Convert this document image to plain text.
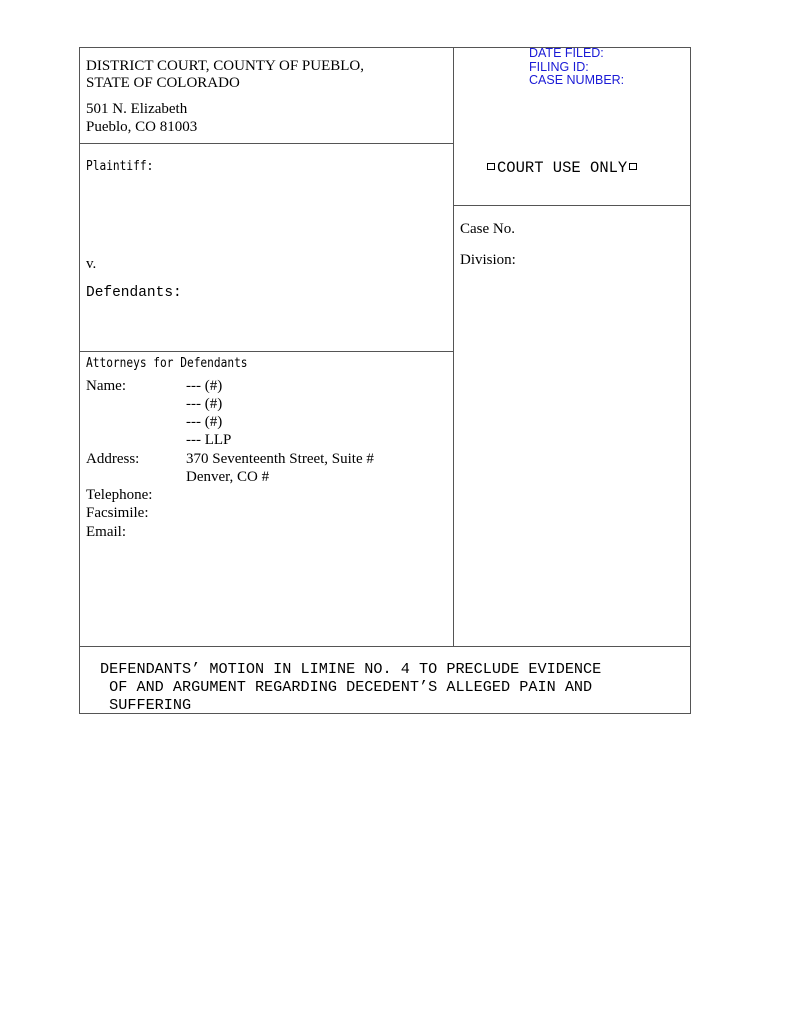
DISTRICT COURT, COUNTY OF PUEBLO,
STATE OF COLORADO
501 N. Elizabeth
Pueblo, CO 81003
DATE FILED:
FILING ID:
CASE NUMBER:
COURT USE ONLY
Plaintiff:
v.
Defendants:
Case No.
Division:
Attorneys for Defendants
Name:	--- (#)
--- (#)
--- (#)
--- LLP
Address:	370 Seventeenth Street, Suite #
Denver, CO #
Telephone:
Facsimile:
Email:
DEFENDANTS’ MOTION IN LIMINE NO. 4 TO PRECLUDE EVIDENCE
OF AND ARGUMENT REGARDING DECEDENT’S ALLEGED PAIN AND
SUFFERING
